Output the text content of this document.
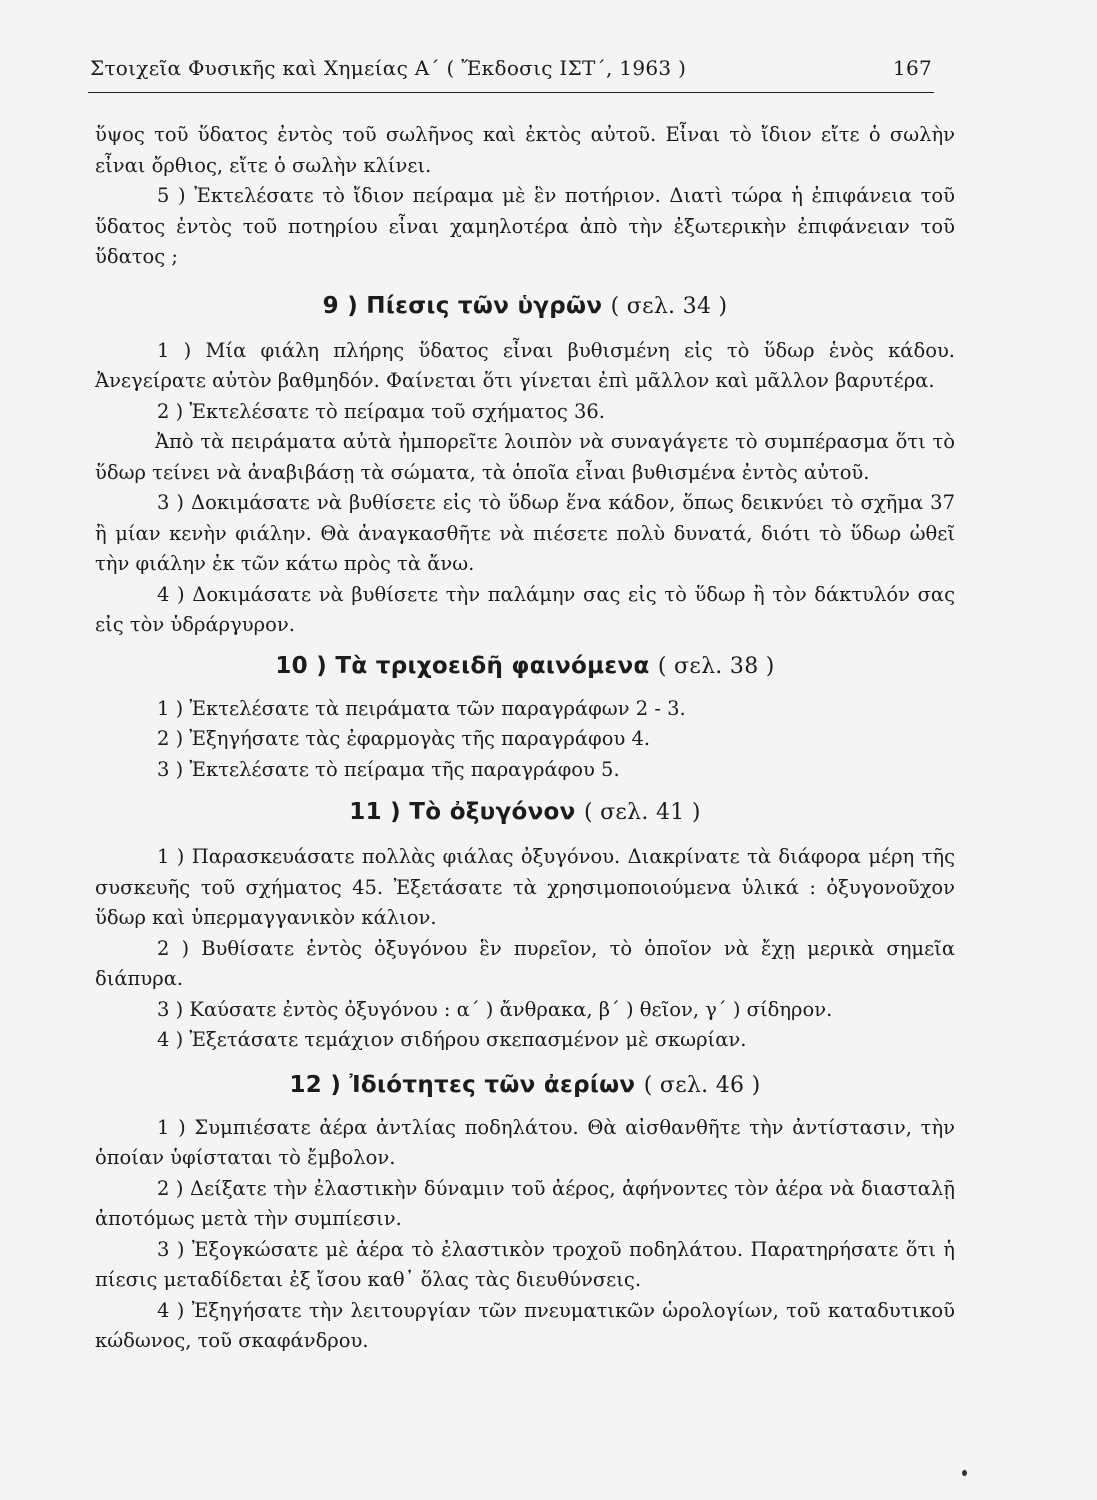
Στοιχεῖα Φυσικῆς καὶ Χημείας Α΄ ( Ἔκδοσις ΙΣΤ΄, 1963 )	167

ὕψος τοῦ ὕδατος ἐντὸς τοῦ σωλῆνος καὶ ἐκτὸς αὐτοῦ. Εἶναι τὸ ἴδιον εἴτε ὁ σωλὴν εἶναι ὄρθιος, εἴτε ὁ σωλὴν κλίνει.

5 ) Ἐκτελέσατε τὸ ἴδιον πείραμα μὲ ἓν ποτήριον. Διατὶ τώρα ἡ ἐπιφάνεια τοῦ ὕδατος ἐντὸς τοῦ ποτηρίου εἶναι χαμηλοτέρα ἀπὸ τὴν ἐξωτερικὴν ἐπιφάνειαν τοῦ ὕδατος ;

9 ) Πίεσις τῶν ὑγρῶν ( σελ. 34 )

1 ) Μία φιάλη πλήρης ὕδατος εἶναι βυθισμένη εἰς τὸ ὕδωρ ἑνὸς κάδου. Ἀνεγείρατε αὐτὸν βαθμηδόν. Φαίνεται ὅτι γίνεται ἐπὶ μᾶλλον καὶ μᾶλλον βαρυτέρα.

2 ) Ἐκτελέσατε τὸ πείραμα τοῦ σχήματος 36.

Ἀπὸ τὰ πειράματα αὐτὰ ἠμπορεῖτε λοιπὸν νὰ συναγάγετε τὸ συμπέρασμα ὅτι τὸ ὕδωρ τείνει νὰ ἀναβιβάσῃ τὰ σώματα, τὰ ὁποῖα εἶναι βυθισμένα ἐντὸς αὐτοῦ.

3 ) Δοκιμάσατε νὰ βυθίσετε εἰς τὸ ὕδωρ ἕνα κάδον, ὅπως δεικνύει τὸ σχῆμα 37 ἢ μίαν κενὴν φιάλην. Θὰ ἀναγκασθῆτε νὰ πιέσετε πολὺ δυνατά, διότι τὸ ὕδωρ ὠθεῖ τὴν φιάλην ἐκ τῶν κάτω πρὸς τὰ ἄνω.

4 ) Δοκιμάσατε νὰ βυθίσετε τὴν παλάμην σας εἰς τὸ ὕδωρ ἢ τὸν δάκτυλόν σας εἰς τὸν ὑδράργυρον.

10 ) Τὰ τριχοειδῆ φαινόμενα ( σελ. 38 )

1 ) Ἐκτελέσατε τὰ πειράματα τῶν παραγράφων 2 - 3.

2 ) Ἐξηγήσατε τὰς ἐφαρμογὰς τῆς παραγράφου 4.

3 ) Ἐκτελέσατε τὸ πείραμα τῆς παραγράφου 5.

11 ) Τὸ ὀξυγόνον ( σελ. 41 )

1 ) Παρασκευάσατε πολλὰς φιάλας ὀξυγόνου. Διακρίνατε τὰ διάφορα μέρη τῆς συσκευῆς τοῦ σχήματος 45. Ἐξετάσατε τὰ χρησιμοποιούμενα ὑλικά : ὀξυγονοῦχον ὕδωρ καὶ ὑπερμαγγανικὸν κάλιον.

2 ) Βυθίσατε ἐντὸς ὀξυγόνου ἓν πυρεῖον, τὸ ὁποῖον νὰ ἔχῃ μερικὰ σημεῖα διάπυρα.

3 ) Καύσατε ἐντὸς ὀξυγόνου : α΄ ) ἄνθρακα, β΄ ) θεῖον, γ΄ ) σίδηρον.

4 ) Ἐξετάσατε τεμάχιον σιδήρου σκεπασμένον μὲ σκωρίαν.

12 ) Ἰδιότητες τῶν ἀερίων ( σελ. 46 )

1 ) Συμπιέσατε ἀέρα ἀντλίας ποδηλάτου. Θὰ αἰσθανθῆτε τὴν ἀντίστασιν, τὴν ὁποίαν ὑφίσταται τὸ ἔμβολον.

2 ) Δείξατε τὴν ἐλαστικὴν δύναμιν τοῦ ἀέρος, ἀφήνοντες τὸν ἀέρα νὰ διασταλῇ ἀποτόμως μετὰ τὴν συμπίεσιν.

3 ) Ἐξογκώσατε μὲ ἀέρα τὸ ἐλαστικὸν τροχοῦ ποδηλάτου. Παρατηρήσατε ὅτι ἡ πίεσις μεταδίδεται ἐξ ἴσου καθ᾽ ὅλας τὰς διευθύνσεις.

4 ) Ἐξηγήσατε τὴν λειτουργίαν τῶν πνευματικῶν ὡρολογίων, τοῦ καταδυτικοῦ κώδωνος, τοῦ σκαφάνδρου.
